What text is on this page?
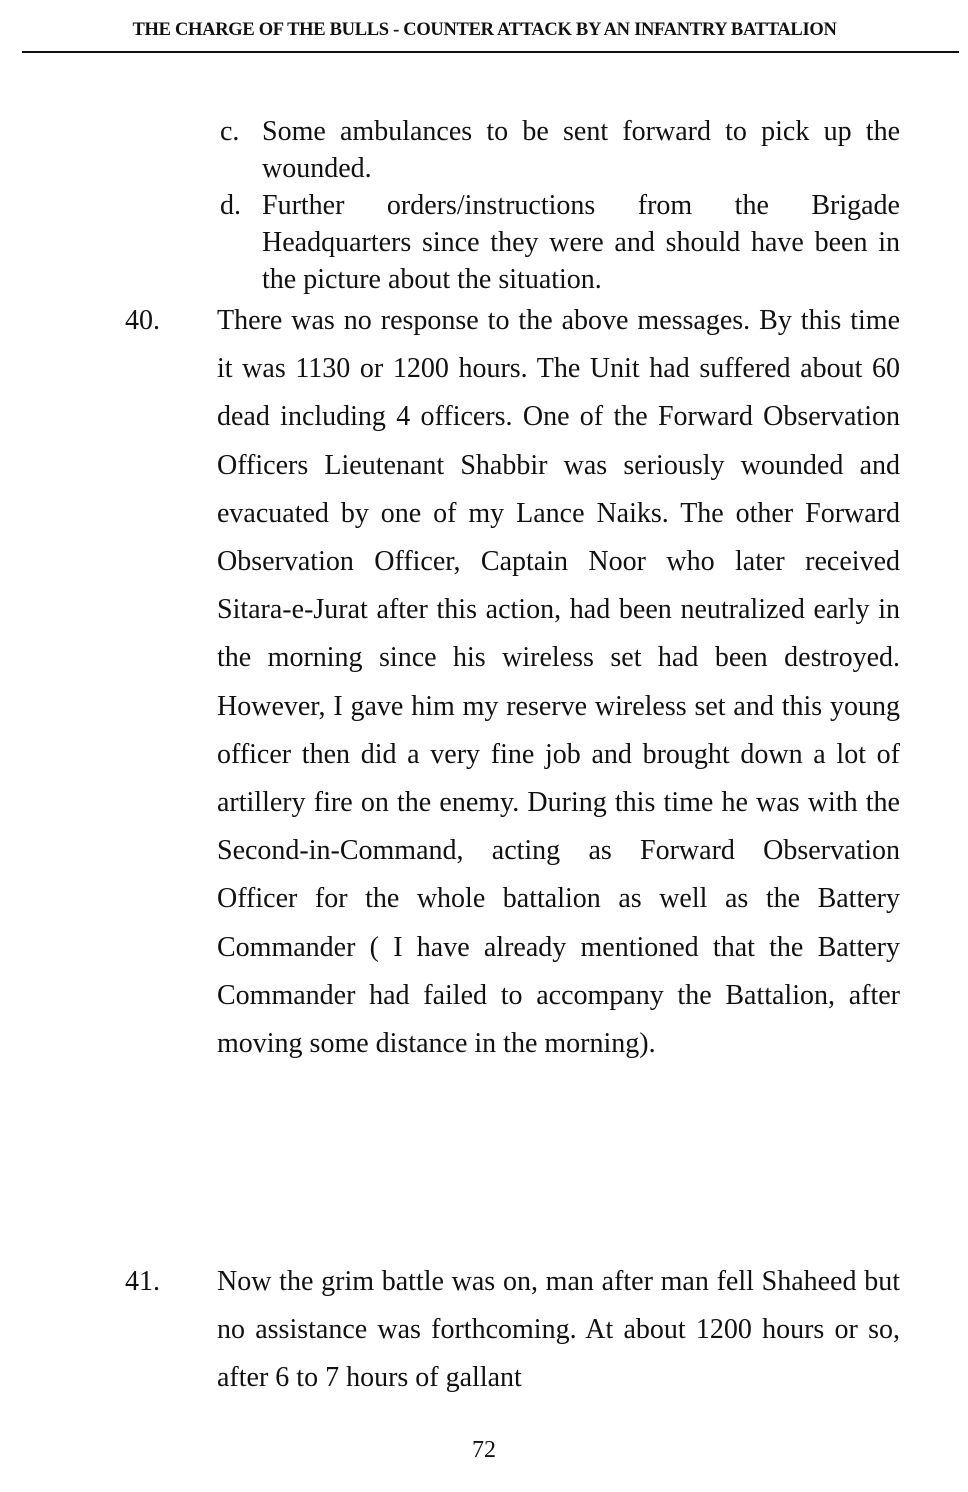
THE CHARGE OF THE BULLS - COUNTER ATTACK BY AN INFANTRY BATTALION
c. Some ambulances to be sent forward to pick up the wounded.
d. Further orders/instructions from the Brigade Headquarters since they were and should have been in the picture about the situation.
40. There was no response to the above messages. By this time it was 1130 or 1200 hours. The Unit had suffered about 60 dead including 4 officers. One of the Forward Observation Officers Lieutenant Shabbir was seriously wounded and evacuated by one of my Lance Naiks. The other Forward Observation Officer, Captain Noor who later received Sitara-e-Jurat after this action, had been neutralized early in the morning since his wireless set had been destroyed. However, I gave him my reserve wireless set and this young officer then did a very fine job and brought down a lot of artillery fire on the enemy. During this time he was with the Second-in-Command, acting as Forward Observation Officer for the whole battalion as well as the Battery Commander ( I have already mentioned that the Battery Commander had failed to accompany the Battalion, after moving some distance in the morning).
41. Now the grim battle was on, man after man fell Shaheed but no assistance was forthcoming. At about 1200 hours or so, after 6 to 7 hours of gallant
72
